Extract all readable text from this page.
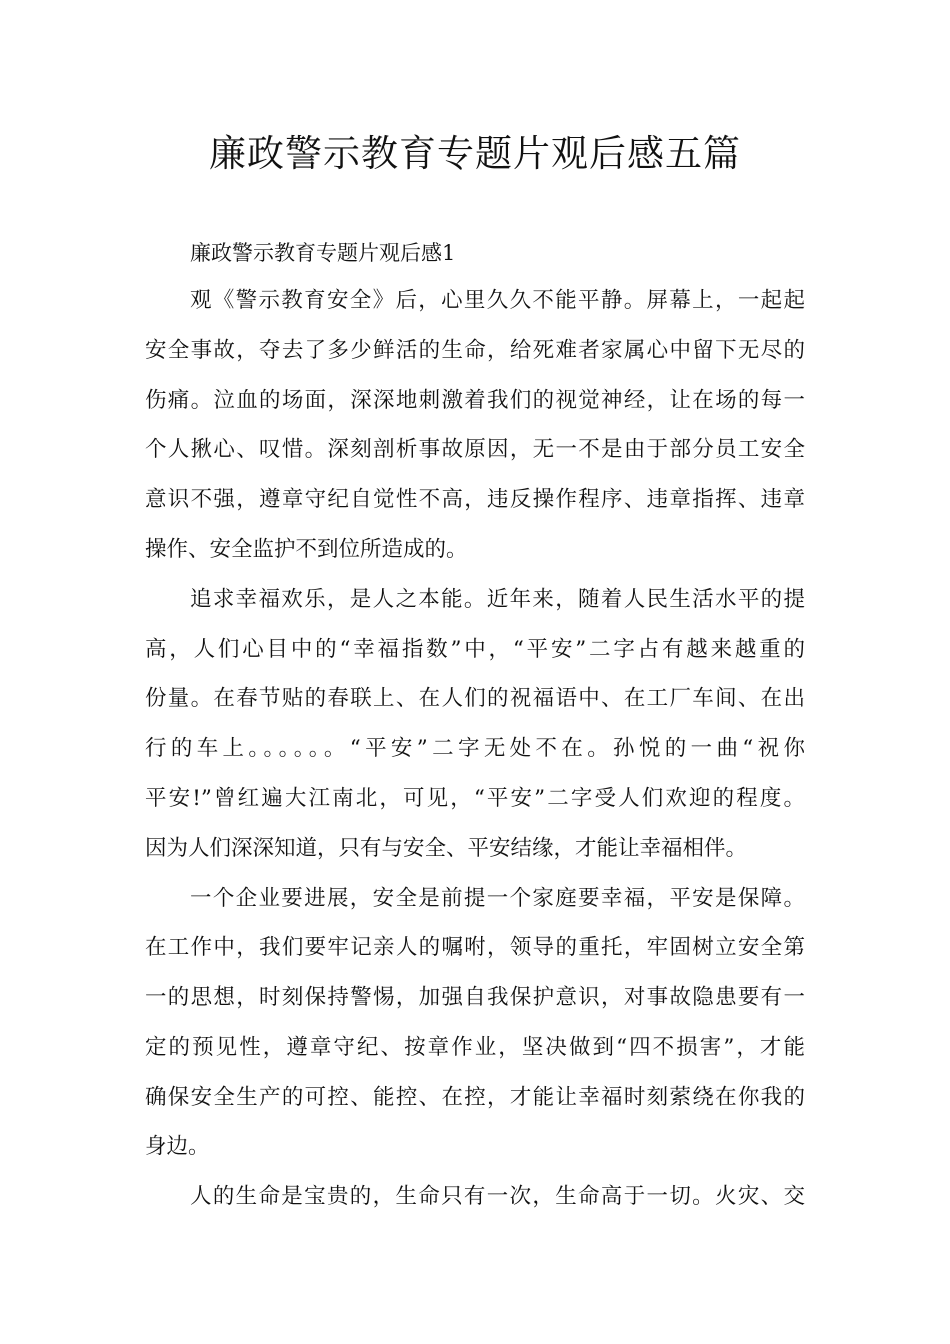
廉政警示教育专题片观后感五篇

廉政警示教育专题片观后感1

观《警示教育安全》后，心里久久不能平静。屏幕上，一起起
安全事故，夺去了多少鲜活的生命，给死难者家属心中留下无尽的
伤痛。泣血的场面，深深地刺激着我们的视觉神经，让在场的每一
个人揪心、叹惜。深刻剖析事故原因，无一不是由于部分员工安全
意识不强，遵章守纪自觉性不高，违反操作程序、违章指挥、违章
操作、安全监护不到位所造成的。
追求幸福欢乐，是人之本能。近年来，随着人民生活水平的提
高，人们心目中的“幸福指数”中，“平安”二字占有越来越重的
份量。在春节贴的春联上、在人们的祝福语中、在工厂车间、在出
行的车上。。。。。。“平安”二字无处不在。孙悦的一曲“祝你
平安!”曾红遍大江南北，可见，“平安”二字受人们欢迎的程度。
因为人们深深知道，只有与安全、平安结缘，才能让幸福相伴。
一个企业要进展，安全是前提一个家庭要幸福，平安是保障。
在工作中，我们要牢记亲人的嘱咐，领导的重托，牢固树立安全第
一的思想，时刻保持警惕，加强自我保护意识，对事故隐患要有一
定的预见性，遵章守纪、按章作业，坚决做到“四不损害”，才能
确保安全生产的可控、能控、在控，才能让幸福时刻萦绕在你我的
身边。
人的生命是宝贵的，生命只有一次，生命高于一切。火灾、交
